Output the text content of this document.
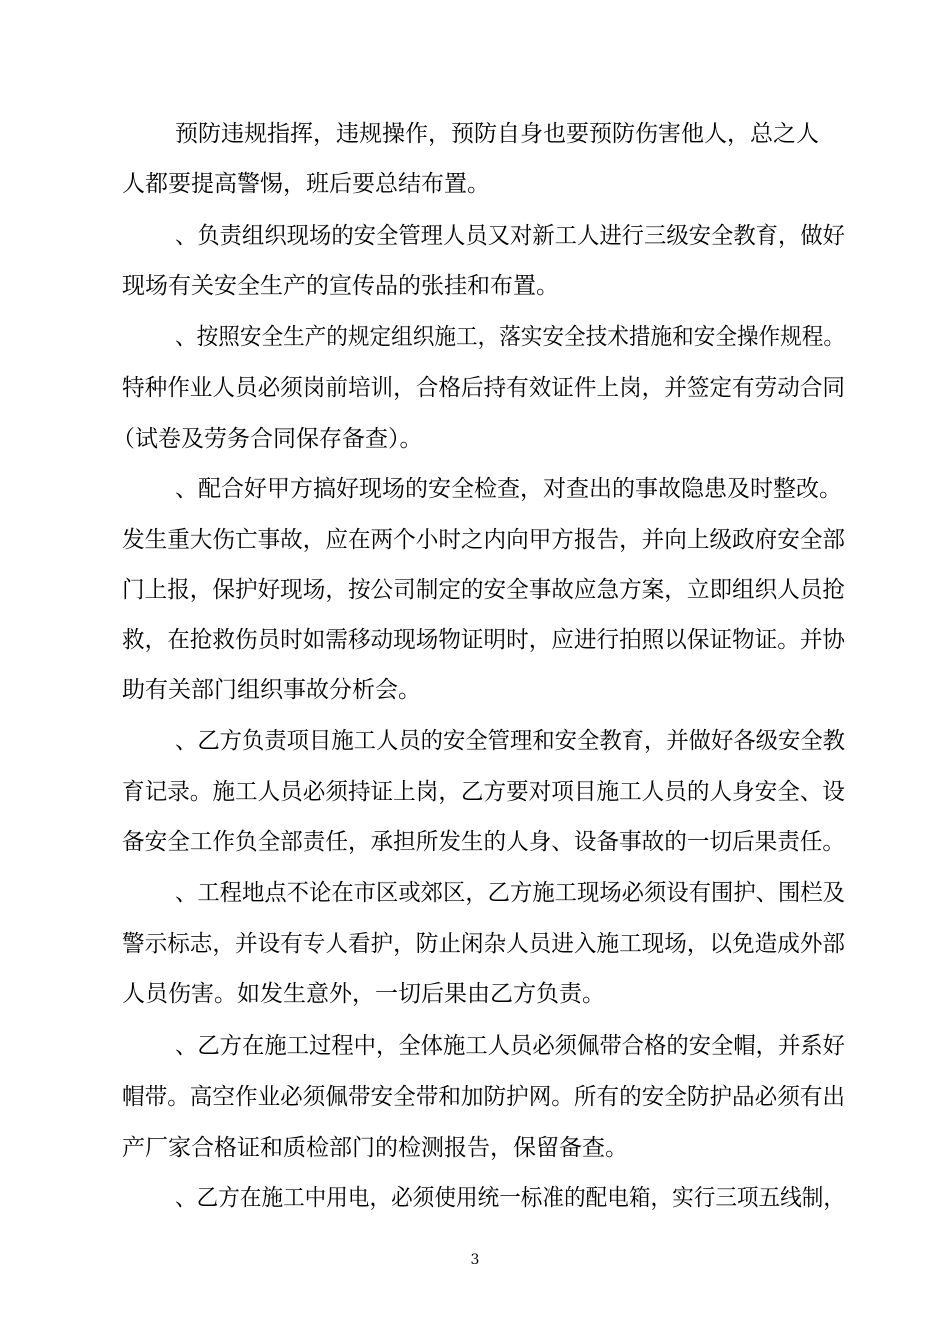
预防违规指挥，违规操作，预防自身也要预防伤害他人，总之人
人都要提高警惕，班后要总结布置。
、负责组织现场的安全管理人员又对新工人进行三级安全教育，做好
现场有关安全生产的宣传品的张挂和布置。
、按照安全生产的规定组织施工，落实安全技术措施和安全操作规程。
特种作业人员必须岗前培训，合格后持有效证件上岗，并签定有劳动合同
（试卷及劳务合同保存备查）。
、配合好甲方搞好现场的安全检查，对查出的事故隐患及时整改。
发生重大伤亡事故，应在两个小时之内向甲方报告，并向上级政府安全部
门上报，保护好现场，按公司制定的安全事故应急方案，立即组织人员抢
救，在抢救伤员时如需移动现场物证明时，应进行拍照以保证物证。并协
助有关部门组织事故分析会。
、乙方负责项目施工人员的安全管理和安全教育，并做好各级安全教
育记录。施工人员必须持证上岗，乙方要对项目施工人员的人身安全、设
备安全工作负全部责任，承担所发生的人身、设备事故的一切后果责任。
、工程地点不论在市区或郊区，乙方施工现场必须设有围护、围栏及
警示标志，并设有专人看护，防止闲杂人员进入施工现场，以免造成外部
人员伤害。如发生意外，一切后果由乙方负责。
、乙方在施工过程中，全体施工人员必须佩带合格的安全帽，并系好
帽带。高空作业必须佩带安全带和加防护网。所有的安全防护品必须有出
产厂家合格证和质检部门的检测报告，保留备查。
、乙方在施工中用电，必须使用统一标准的配电箱，实行三项五线制，
3
